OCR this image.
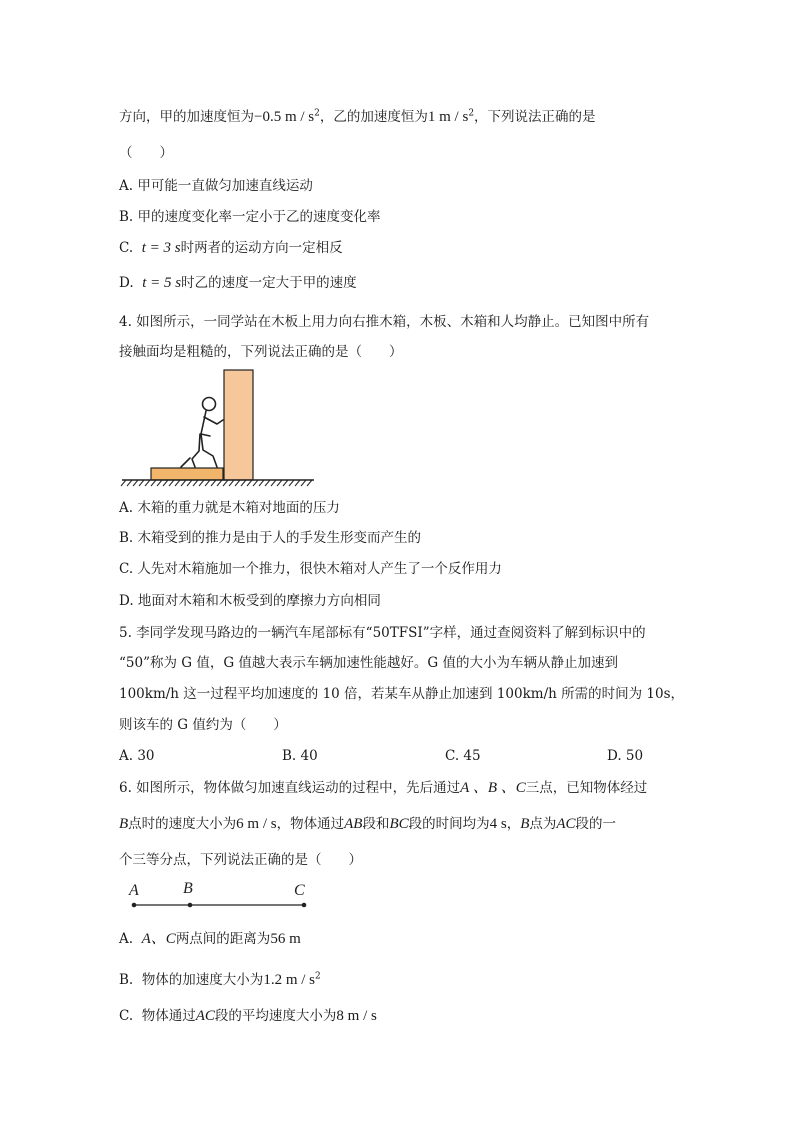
方向，甲的加速度恒为−0.5 m / $s^2$，乙的加速度恒为1 m / $s^2$，下列说法正确的是
（　　）
A. 甲可能一直做匀加速直线运动
B. 甲的速度变化率一定小于乙的速度变化率
C. t = 3 s时两者的运动方向一定相反
D. t = 5 s时乙的速度一定大于甲的速度
4. 如图所示，一同学站在木板上用力向右推木箱，木板、木箱和人均静止。已知图中所有
接触面均是粗糙的，下列说法正确的是（　　）
A. 木箱的重力就是木箱对地面的压力
B. 木箱受到的推力是由于人的手发生形变而产生的
C. 人先对木箱施加一个推力，很快木箱对人产生了一个反作用力
D. 地面对木箱和木板受到的摩擦力方向相同
5. 李同学发现马路边的一辆汽车尾部标有“50TFSI”字样，通过查阅资料了解到标识中的
“50”称为 G 值，G 值越大表示车辆加速性能越好。G 值的大小为车辆从静止加速到
100km/h 这一过程平均加速度的 10 倍，若某车从静止加速到 100km/h 所需的时间为 10s，
则该车的 G 值约为（　　）
A. 30	B. 40	C. 45	D. 50
6. 如图所示，物体做匀加速直线运动的过程中，先后通过A 、B 、C三点，已知物体经过
B点时的速度大小为6 m / s，物体通过AB段和BC段的时间均为4 s，B点为AC段的一
个三等分点，下列说法正确的是（　　）
A	B	C
A. A、C两点间的距离为56 m
B. 物体的加速度大小为1.2 m / $s^2$
C. 物体通过AC段的平均速度大小为8 m / s
